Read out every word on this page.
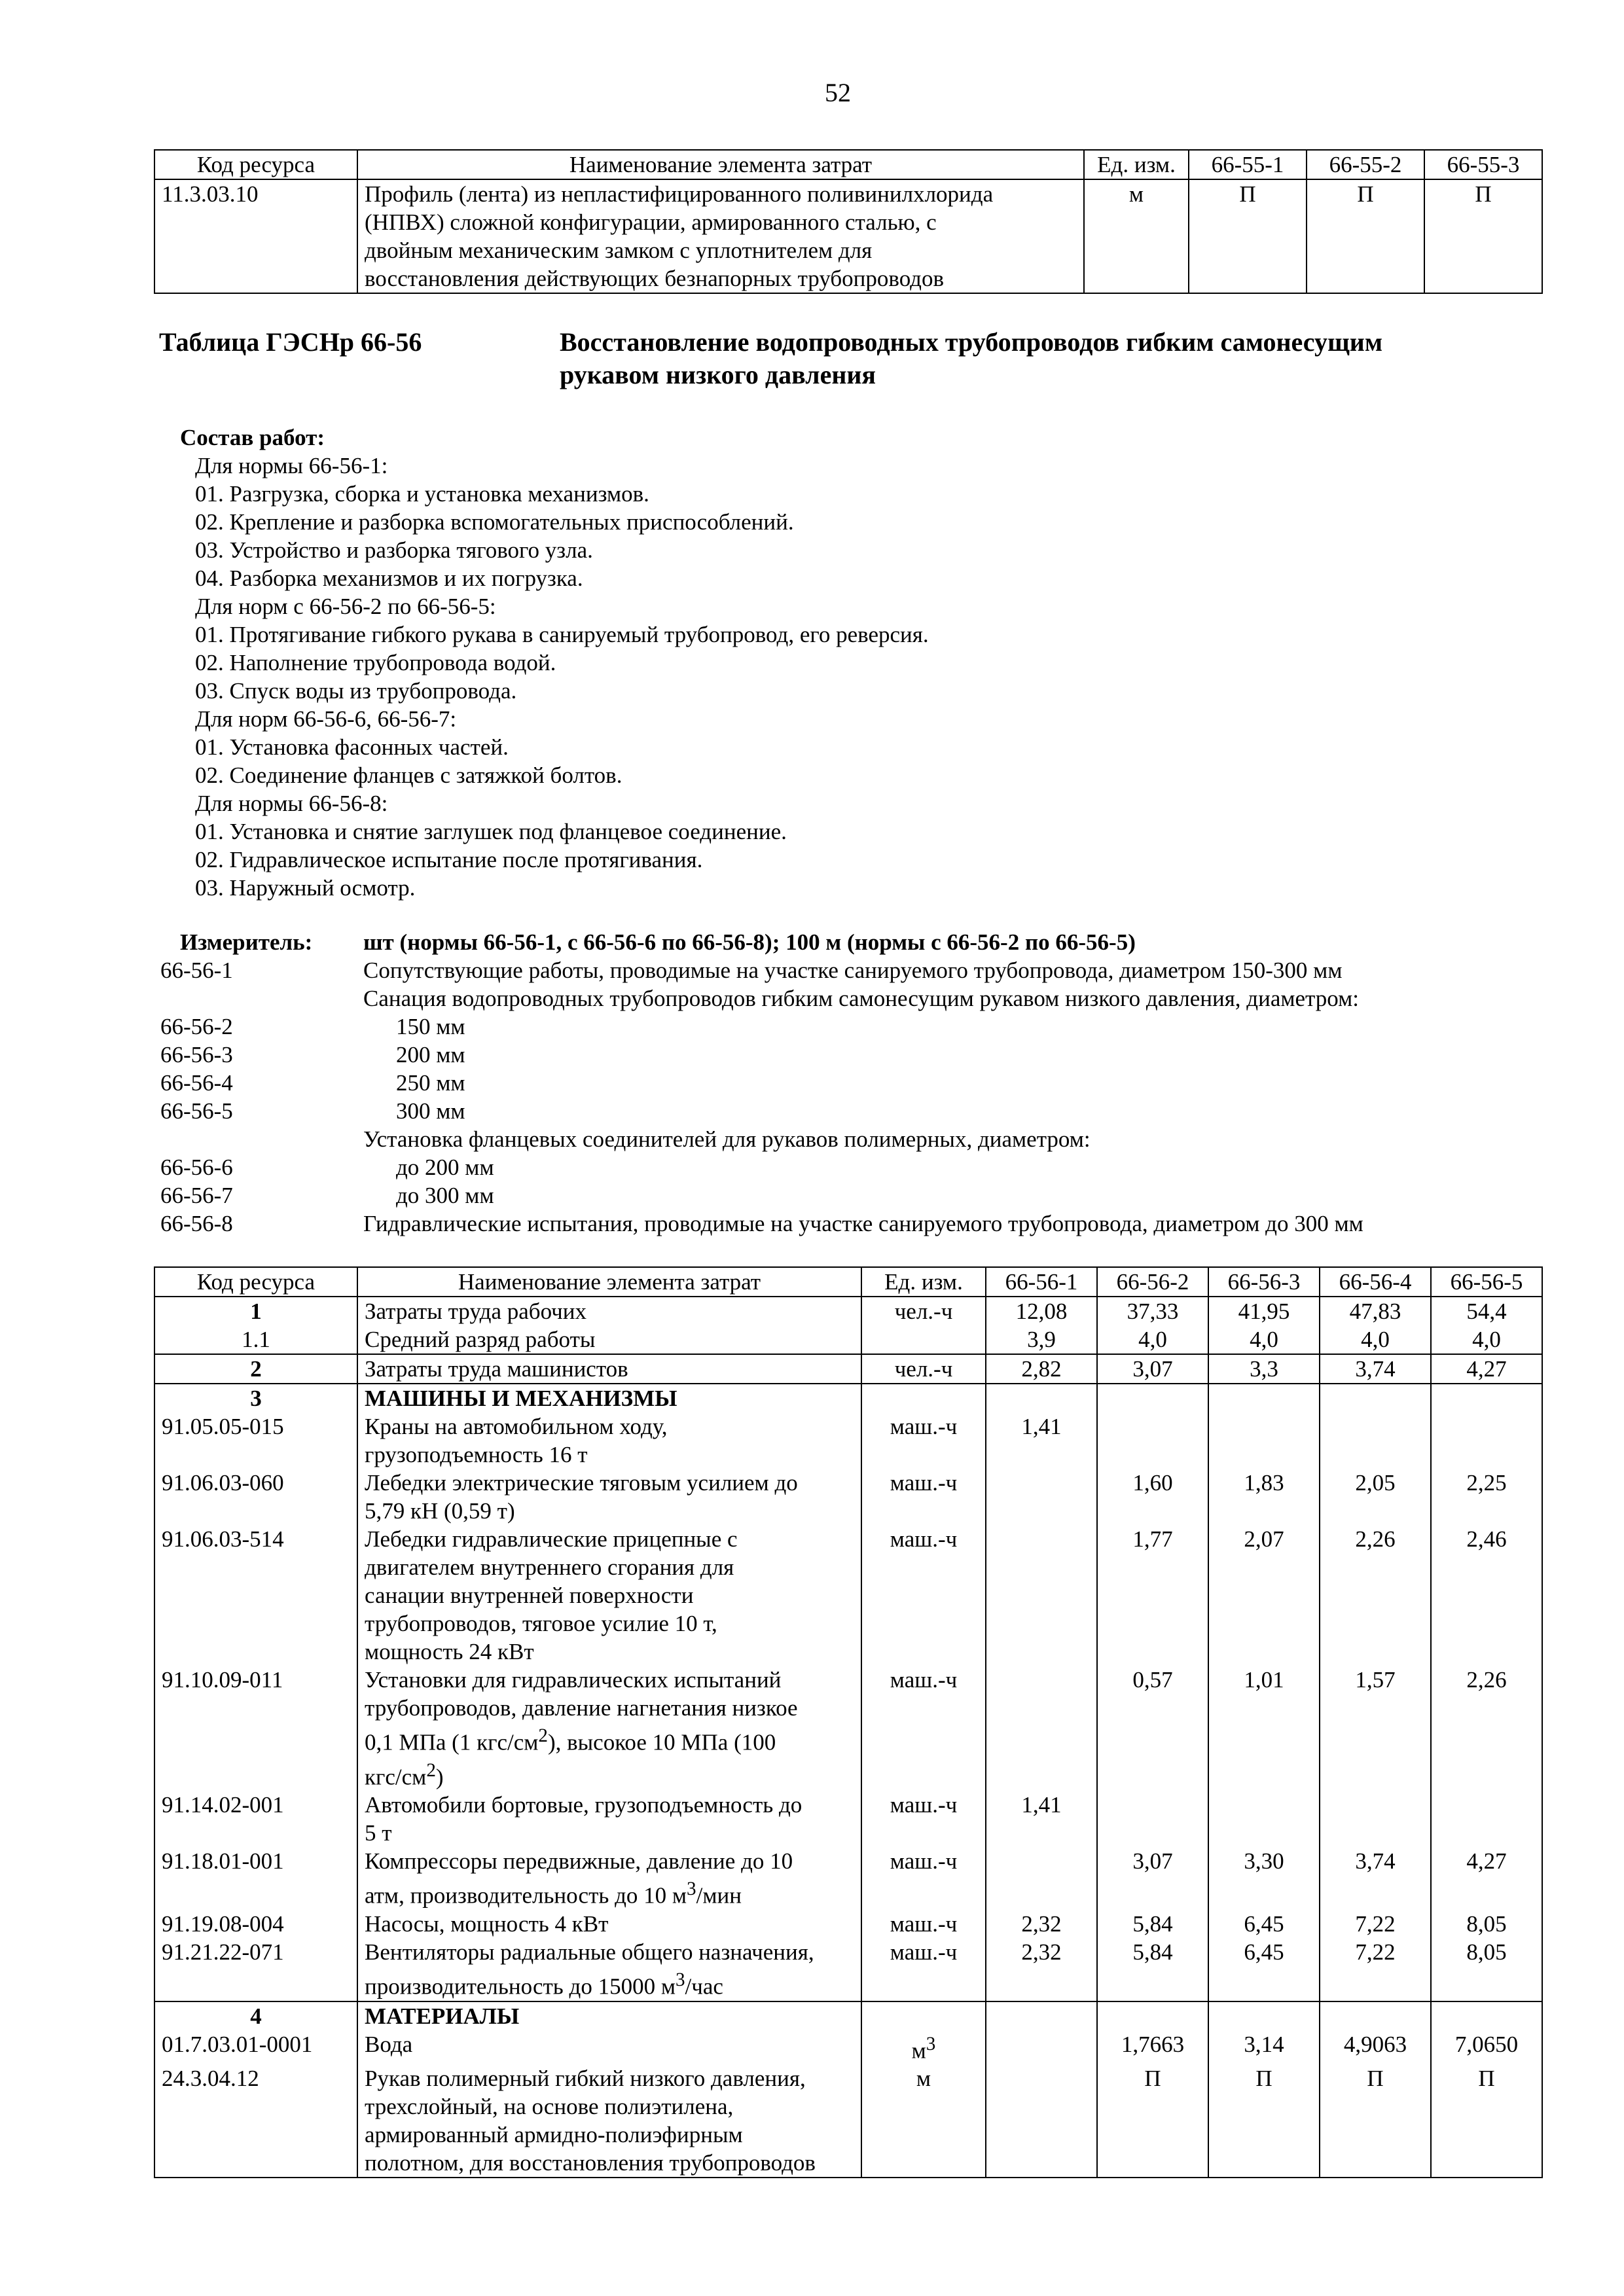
52
Код ресурса	Наименование элемента затрат	Ед. изм.	66-55-1	66-55-2	66-55-3
11.3.03.10	Профиль (лента) из непластифицированного поливинилхлорида
(НПВХ) сложной конфигурации, армированного сталью, с
двойным механическим замком с уплотнителем для
восстановления действующих безнапорных трубопроводов	м	П	П	П
Таблица ГЭСНр 66-56	Восстановление водопроводных трубопроводов гибким самонесущим
рукавом низкого давления
Состав работ:
Для нормы 66-56-1:
01. Разгрузка, сборка и установка механизмов.
02. Крепление и разборка вспомогательных приспособлений.
03. Устройство и разборка тягового узла.
04. Разборка механизмов и их погрузка.
Для норм с 66-56-2 по 66-56-5:
01. Протягивание гибкого рукава в санируемый трубопровод, его реверсия.
02. Наполнение трубопровода водой.
03. Спуск воды из трубопровода.
Для норм 66-56-6, 66-56-7:
01. Установка фасонных частей.
02. Соединение фланцев с затяжкой болтов.
Для нормы 66-56-8:
01. Установка и снятие заглушек под фланцевое соединение.
02. Гидравлическое испытание после протягивания.
03. Наружный осмотр.
Измеритель: шт (нормы 66-56-1, с 66-56-6 по 66-56-8); 100 м (нормы с 66-56-2 по 66-56-5)
66-56-1	Сопутствующие работы, проводимые на участке санируемого трубопровода, диаметром 150-300 мм
Санация водопроводных трубопроводов гибким самонесущим рукавом низкого давления, диаметром:
66-56-2	150 мм
66-56-3	200 мм
66-56-4	250 мм
66-56-5	300 мм
Установка фланцевых соединителей для рукавов полимерных, диаметром:
66-56-6	до 200 мм
66-56-7	до 300 мм
66-56-8	Гидравлические испытания, проводимые на участке санируемого трубопровода, диаметром до 300 мм
Код ресурса	Наименование элемента затрат	Ед. изм.	66-56-1	66-56-2	66-56-3	66-56-4	66-56-5
1	Затраты труда рабочих	чел.-ч	12,08	37,33	41,95	47,83	54,4
1.1	Средний разряд работы		3,9	4,0	4,0	4,0	4,0
2	Затраты труда машинистов	чел.-ч	2,82	3,07	3,3	3,74	4,27
3	МАШИНЫ И МЕХАНИЗМЫ						
91.05.05-015	Краны на автомобильном ходу,
грузоподъемность 16 т	маш.-ч	1,41				
91.06.03-060	Лебедки электрические тяговым усилием до
5,79 кН (0,59 т)	маш.-ч		1,60	1,83	2,05	2,25
91.06.03-514	Лебедки гидравлические прицепные с
двигателем внутреннего сгорания для
санации внутренней поверхности
трубопроводов, тяговое усилие 10 т,
мощность 24 кВт	маш.-ч		1,77	2,07	2,26	2,46
91.10.09-011	Установки для гидравлических испытаний
трубопроводов, давление нагнетания низкое
0,1 МПа (1 кгс/$см^2$), высокое 10 МПа (100
кгс/$см^2$)	маш.-ч		0,57	1,01	1,57	2,26
91.14.02-001	Автомобили бортовые, грузоподъемность до
5 т	маш.-ч	1,41				
91.18.01-001	Компрессоры передвижные, давление до 10
атм, производительность до 10 $м^3$/мин	маш.-ч		3,07	3,30	3,74	4,27
91.19.08-004	Насосы, мощность 4 кВт	маш.-ч	2,32	5,84	6,45	7,22	8,05
91.21.22-071	Вентиляторы радиальные общего назначения,
производительность до 15000 $м^3$/час	маш.-ч	2,32	5,84	6,45	7,22	8,05
4	МАТЕРИАЛЫ						
01.7.03.01-0001	Вода	$м^3$		1,7663	3,14	4,9063	7,0650
24.3.04.12	Рукав полимерный гибкий низкого давления,
трехслойный, на основе полиэтилена,
армированный армидно-полиэфирным
полотном, для восстановления трубопроводов	м		П	П	П	П
